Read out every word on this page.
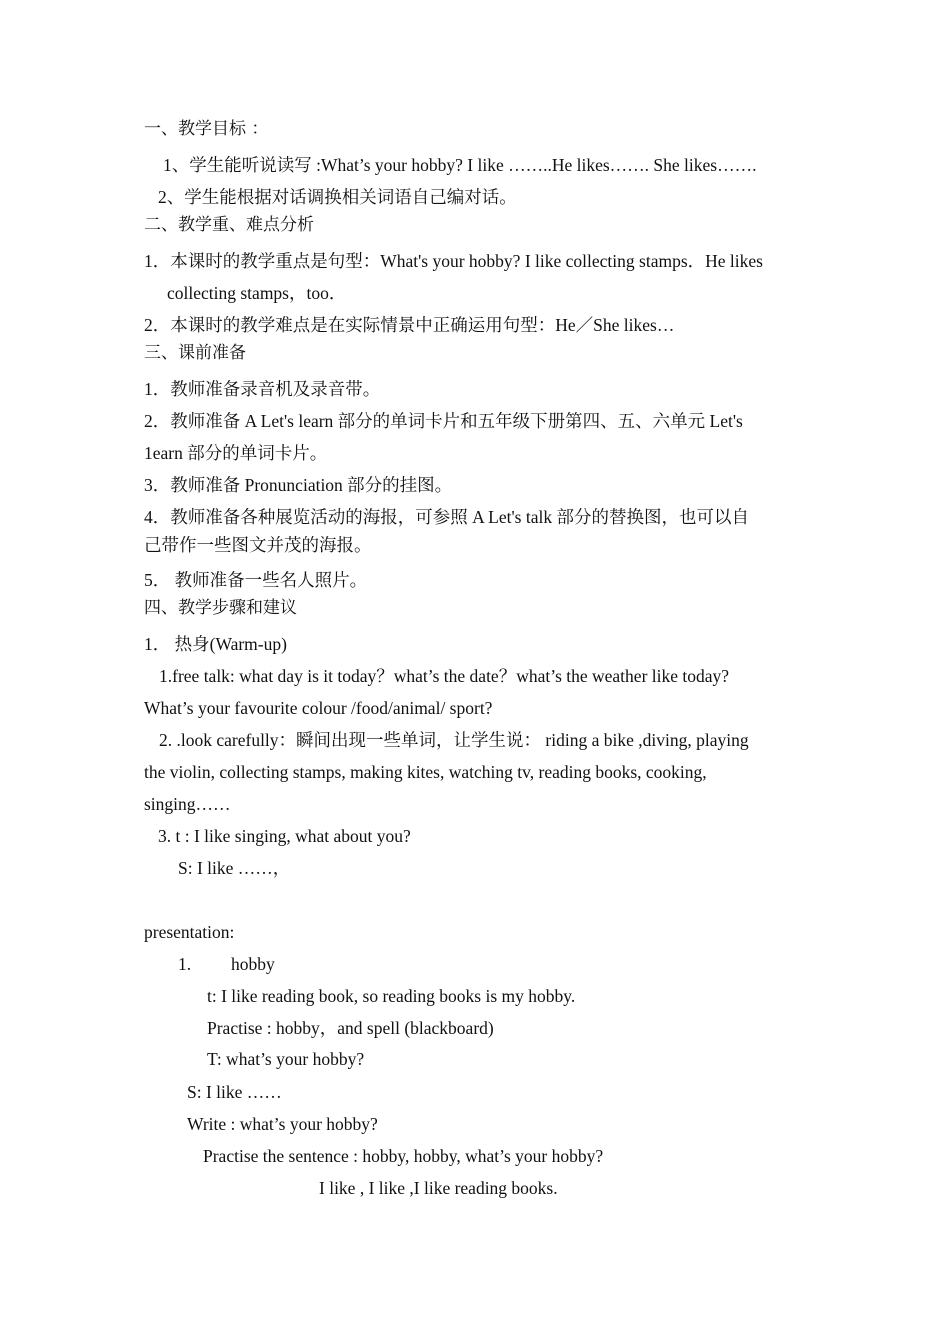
一、教学目标 ：
1、学生能听说读写 :What’s your hobby? I like ……..He likes……. She likes…….
2、学生能根据对话调换相关词语自己编对话。
二、教学重、难点分析
1．本课时的教学重点是句型：What's your hobby? I like collecting stamps．He likes
collecting stamps，too．
2．本课时的教学难点是在实际情景中正确运用句型：He／She likes…
三、课前准备
1．教师准备录音机及录音带。
2．教师准备 A Let's learn 部分的单词卡片和五年级下册第四、五、六单元 Let's
1earn 部分的单词卡片。
3．教师准备 Pronunciation 部分的挂图。
4．教师准备各种展览活动的海报，可参照 A Let's talk 部分的替换图，也可以自
己带作一些图文并茂的海报。
5． 教师准备一些名人照片。
四、教学步骤和建议
1． 热身(Warm-up)
1.free talk: what day is it today？what’s the date？what’s the weather like today?
What’s your favourite colour /food/animal/ sport?
2. .look carefully：瞬间出现一些单词，让学生说： riding a bike ,diving, playing
the violin, collecting stamps, making kites, watching tv, reading books, cooking,
singing……
3. t : I like singing, what about you?
S: I like ……，
presentation:
1. hobby
t: I like reading book, so reading books is my hobby.
Practise : hobby，and spell (blackboard)
T: what’s your hobby?
S: I like ……
Write : what’s your hobby?
Practise the sentence : hobby, hobby, what’s your hobby?
I like , I like ,I like reading books.
